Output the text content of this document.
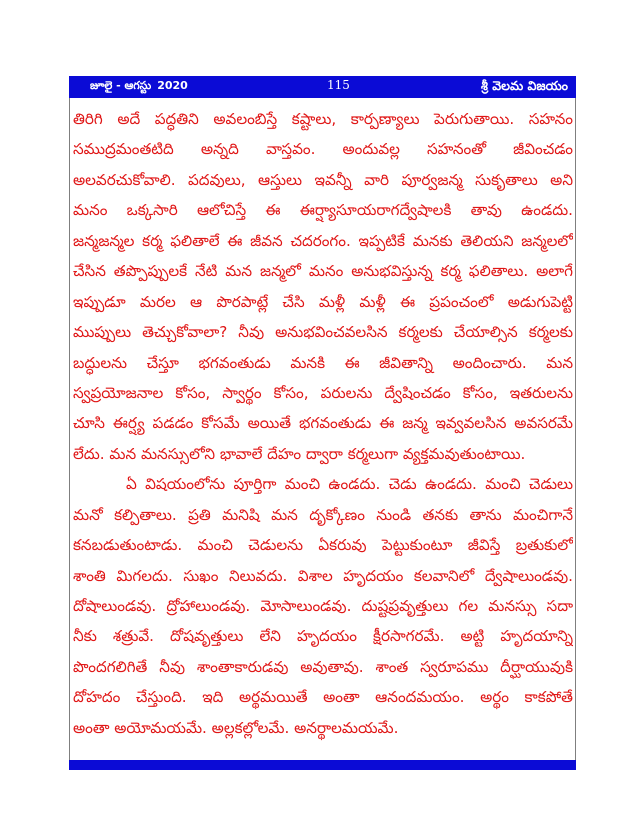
జూలై - ఆగస్టు 2020	115	శ్రీ వెలమ విజయం
తిరిగి అదే పద్ధతిని అవలంబిస్తే కష్టాలు, కార్పణ్యాలు పెరుగుతాయి. సహనం
సముద్రమంతటిది అన్నది వాస్తవం. అందువల్ల సహనంతో జీవించడం
అలవరచుకోవాలి. పదవులు, ఆస్తులు ఇవన్నీ వారి పూర్వజన్మ సుకృతాలు అని
మనం ఒక్కసారి ఆలోచిస్తే ఈ ఈర్ష్యాసూయరాగద్వేషాలకి తావు ఉండదు.
జన్మజన్మల కర్మ ఫలితాలే ఈ జీవన చదరంగం. ఇప్పటికే మనకు తెలియని జన్మలలో
చేసిన తప్పొప్పులకే నేటి మన జన్మలో మనం అనుభవిస్తున్న కర్మ ఫలితాలు. అలాగే
ఇప్పుడూ మరల ఆ పొరపాట్లే చేసి మళ్లీ మళ్లీ ఈ ప్రపంచంలో అడుగుపెట్టి
ముప్పులు తెచ్చుకోవాలా? నీవు అనుభవించవలసిన కర్మలకు చేయాల్సిన కర్మలకు
బద్ధులను చేస్తూ భగవంతుడు మనకి ఈ జీవితాన్ని అందించారు. మన
స్వప్రయోజనాల కోసం, స్వార్థం కోసం, పరులను ద్వేషించడం కోసం, ఇతరులను
చూసి ఈర్ష్య పడడం కోసమే అయితే భగవంతుడు ఈ జన్మ ఇవ్వవలసిన అవసరమే
లేదు. మన మనస్సులోని భావాలే దేహం ద్వారా కర్మలుగా వ్యక్తమవుతుంటాయి.
ఏ విషయంలోను పూర్తిగా మంచి ఉండదు. చెడు ఉండదు. మంచి చెడులు
మనో కల్పితాలు. ప్రతి మనిషి మన దృక్కోణం నుండి తనకు తాను మంచిగానే
కనబడుతుంటాడు. మంచి చెడులను ఏకరువు పెట్టుకుంటూ జీవిస్తే బ్రతుకులో
శాంతి మిగలదు. సుఖం నిలువదు. విశాల హృదయం కలవానిలో ద్వేషాలుండవు.
దోషాలుండవు. ద్రోహాలుండవు. మోసాలుండవు. దుష్టప్రవృత్తులు గల మనస్సు సదా
నీకు శత్రువే. దోషవృత్తులు లేని హృదయం క్షీరసాగరమే. అట్టి హృదయాన్ని
పొందగలిగితే నీవు శాంతాకారుడవు అవుతావు. శాంత స్వరూపము దీర్ఘాయువుకి
దోహదం చేస్తుంది. ఇది అర్థమయితే అంతా ఆనందమయం. అర్థం కాకపోతే
అంతా అయోమయమే. అల్లకల్లోలమే. అనర్థాలమయమే.
